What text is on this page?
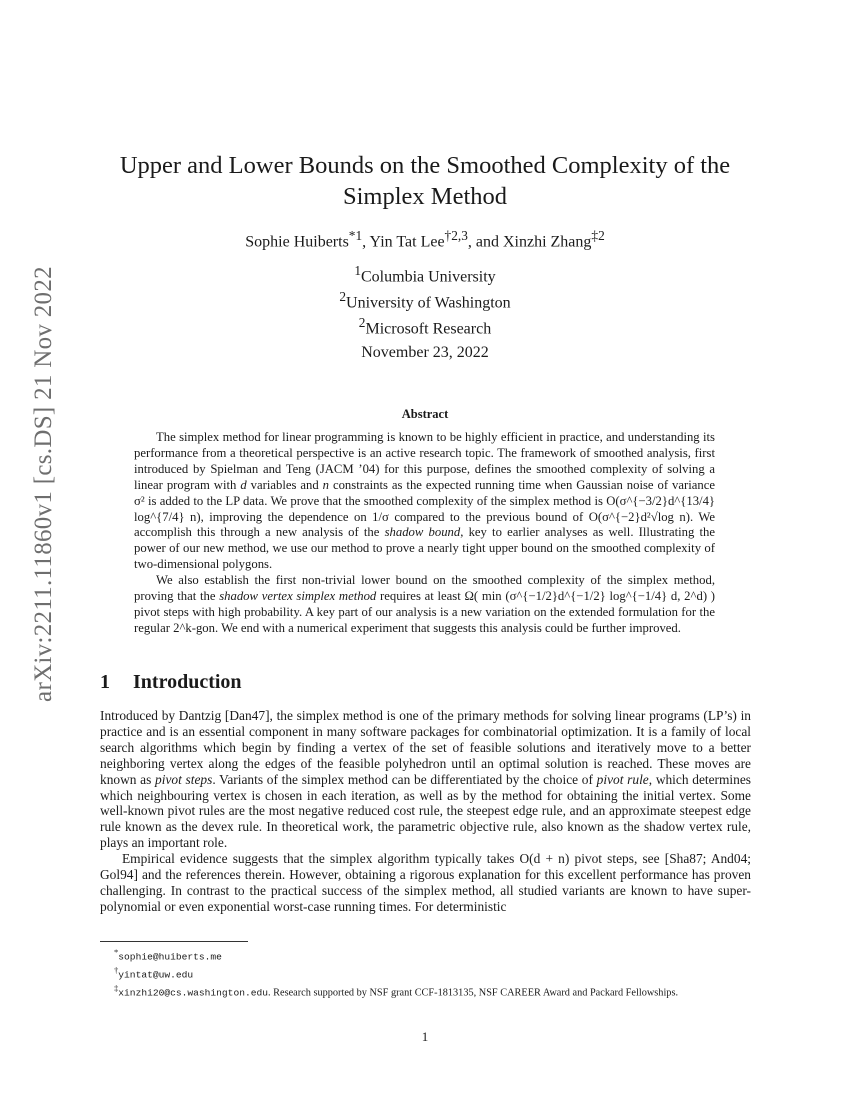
arXiv:2211.11860v1 [cs.DS] 21 Nov 2022
Upper and Lower Bounds on the Smoothed Complexity of the
Simplex Method
Sophie Huiberts$^{*1}$, Yin Tat Lee$^{\dagger 2,3}$, and Xinzhi Zhang$^{\ddagger 2}$
$^1$Columbia University
$^2$University of Washington
$^2$Microsoft Research
November 23, 2022
Abstract

The simplex method for linear programming is known to be highly efficient in practice, and understanding its performance from a theoretical perspective is an active research topic. The framework of smoothed analysis, first introduced by Spielman and Teng (JACM ’04) for this purpose, defines the smoothed complexity of solving a linear program with d variables and n constraints as the expected running time when Gaussian noise of variance σ² is added to the LP data. We prove that the smoothed complexity of the simplex method is O(σ^{−3/2}d^{13/4} log^{7/4} n), improving the dependence on 1/σ compared to the previous bound of O(σ^{−2}d²√log n). We accomplish this through a new analysis of the shadow bound, key to earlier analyses as well. Illustrating the power of our new method, we use our method to prove a nearly tight upper bound on the smoothed complexity of two-dimensional polygons.

We also establish the first non-trivial lower bound on the smoothed complexity of the simplex method, proving that the shadow vertex simplex method requires at least Ω( min (σ^{−1/2}d^{−1/2} log^{−1/4} d, 2^d) ) pivot steps with high probability. A key part of our analysis is a new variation on the extended formulation for the regular 2^k-gon. We end with a numerical experiment that suggests this analysis could be further improved.

1 Introduction

Introduced by Dantzig [Dan47], the simplex method is one of the primary methods for solving linear programs (LP’s) in practice and is an essential component in many software packages for combinatorial optimization. It is a family of local search algorithms which begin by finding a vertex of the set of feasible solutions and iteratively move to a better neighboring vertex along the edges of the feasible polyhedron until an optimal solution is reached. These moves are known as pivot steps. Variants of the simplex method can be differentiated by the choice of pivot rule, which determines which neighbouring vertex is chosen in each iteration, as well as by the method for obtaining the initial vertex. Some well-known pivot rules are the most negative reduced cost rule, the steepest edge rule, and an approximate steepest edge rule known as the devex rule. In theoretical work, the parametric objective rule, also known as the shadow vertex rule, plays an important role.

Empirical evidence suggests that the simplex algorithm typically takes O(d + n) pivot steps, see [Sha87; And04; Gol94] and the references therein. However, obtaining a rigorous explanation for this excellent performance has proven challenging. In contrast to the practical success of the simplex method, all studied variants are known to have super-polynomial or even exponential worst-case running times. For deterministic

*sophie@huiberts.me

†yintat@uw.edu

‡xinzhi20@cs.washington.edu. Research supported by NSF grant CCF-1813135, NSF CAREER Award and Packard Fellowships.

1
